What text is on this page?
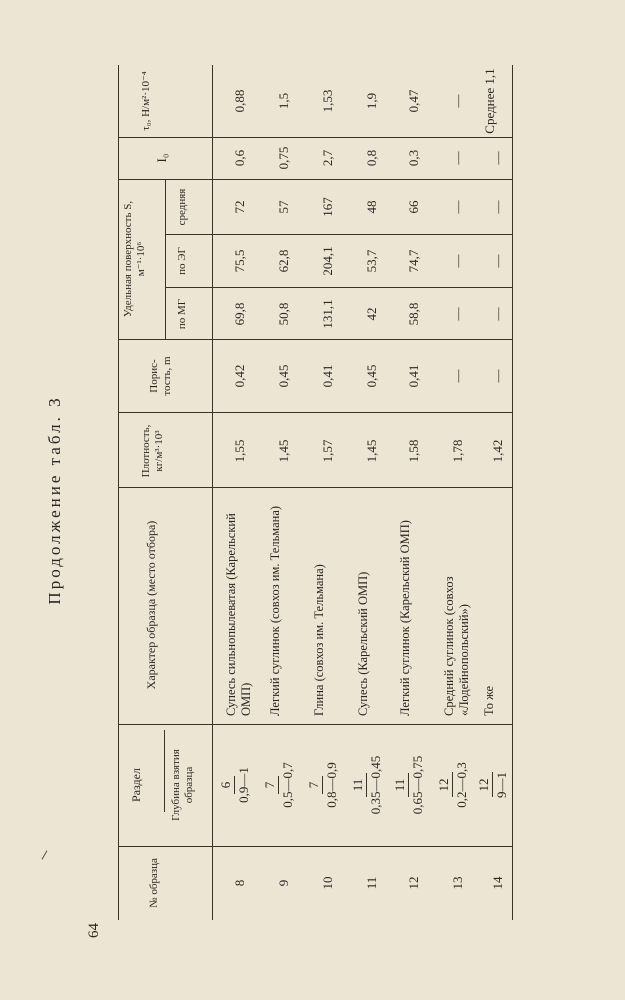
64
Продолжение табл. 3
№ образца
Раздел Глубина взятия образца
Характер образца (место отбора)
Плотность, кг/м³·10³
Порис- тость, m
Удельная поверхность S, м⁻¹·10⁶
по МГ
по ЭГ
средняя
I₀
τ₀, Н/м²·10⁻⁴
8
6 0,9—1
Супесь сильнопылеватая (Карельский ОМП)
1,55
0,42
69,8
75,5
72
0,6
0,88
9
7 0,5—0,7
Легкий суглинок (совхоз им. Тельмана)
1,45
0,45
50,8
62,8
57
0,75
1,5
10
7 0,8—0,9
Глина (совхоз им. Тельмана)
1,57
0,41
131,1
204,1
167
2,7
1,53
11
11 0,35—0,45
Супесь (Карельский ОМП)
1,45
0,45
42
53,7
48
0,8
1,9
12
11 0,65—0,75
Легкий суглинок (Карельский ОМП)
1,58
0,41
58,8
74,7
66
0,3
0,47
13
12 0,2—0,3
Средний суглинок (совхоз «Лодейнопольский»)
1,78
—
—
—
—
—
—
14
12 9—1
То же
1,42
—
—
—
—
—
Среднее 1,1
